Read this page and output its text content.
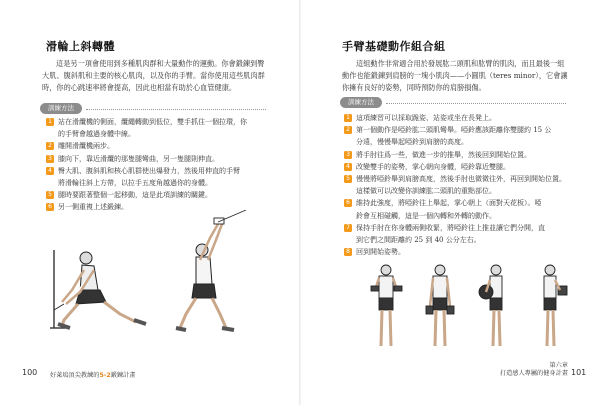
滑輪上斜轉體
這是另一項會使用到多種肌肉群和大量動作的運動。你會鍛鍊到臀
大肌、腹斜肌和主要的核心肌肉，以及你的手臂。當你使用這些肌肉群
時，你的心跳速率將會提高，因此也相當有助於心血管健康。
訓練方法
1 站在滑纜機的側面，纜繩轉動到低位，雙手抓住一個拉環，你
的手臂會越過身體中線。
2 雕開滑纜機兩步。
3 膝向下，靠近滑纜的那隻腿彎曲，另一隻腿則伸直。
4 臀大肌、腹斜肌和核心肌群使出爆發力，然後用伸直的手臂
將滑輪往斜上方帶，以拉手五度角越過你的身體。
5 腿時要跟著整個一起移動，這是此項訓練的關鍵。
6 另一側重複上述鍛鍊。
100 好萊塢頂尖教練的5-2鍛鍊計畫
手臂基礎動作組合組
這組動作非常適合用於發展肱二頭肌和肱臂的肌肉，而且最後一組
動作也能鍛鍊到肩膀的一塊小肌肉——小圓肌（teres minor），它會讓
你擁有良好的姿勢，同時預防你的肩膀損傷。
訓練方法
1 這項練習可以採取跪姿、站姿或坐在長凳上。
2 第一個動作是啞鈴肱二頭肌彎舉。啞鈴應該距離你雙腿約 15 公
分遠，慢慢舉起啞鈴到肩膀的高度。
3 將手肘往爲一些，做進一步的推舉，然後回到開始位置。
4 改變雙手的姿勢，掌心朝向身體，啞鈴靠近雙腿。
5 慢慢將啞鈴舉到肩膀高度，然後手肘也微微往外，再回到開始位置。
這樣做可以改變你訓練肱二頭肌的重點部位。
6 維持此強度，將啞鈴往上舉起，掌心朝上（面對天花板）。啞
鈴會互相碰觸，這是一個內轉和外轉的動作。
7 保持手肘在你身體兩側收緊，將啞鈴往上推並讓它們分開，直
到它們之間距離約 25 到 40 公分左右。
8 回到開始姿勢。
第六章
打造感人專屬的健身計畫 101
